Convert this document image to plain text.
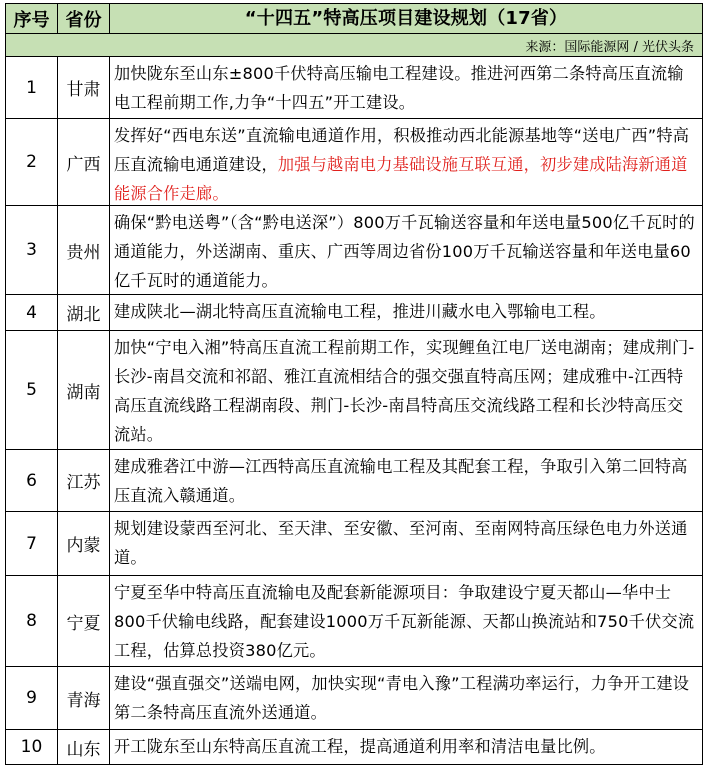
序号 省份	“十四五”特高压项目建设规划（17省）
来源：国际能源网 / 光伏头条
1	甘肃
加快陇东至山东±800千伏特高压输电工程建设。推进河西第二条特高压直流输电工程前期工作,力争“十四五”开工建设。
2	广西
发挥好“西电东送”直流输电通道作用，积极推动西北能源基地等“送电广西”特高压直流输电通道建设，加强与越南电力基础设施互联互通，初步建成陆海新通道能源合作走廊。
3	贵州
确保“黔电送粤”（含“黔电送深”）800万千瓦输送容量和年送电量500亿千瓦时的通道能力，外送湖南、重庆、广西等周边省份100万千瓦输送容量和年送电量60亿千瓦时的通道能力。
4	湖北 建成陕北—湖北特高压直流输电工程，推进川藏水电入鄂输电工程。
5	湖南
加快“宁电入湘”特高压直流工程前期工作，实现鲤鱼江电厂送电湖南；建成荆门-长沙-南昌交流和祁韶、雅江直流相结合的强交强直特高压网；建成雅中-江西特高压直流线路工程湖南段、荆门-长沙-南昌特高压交流线路工程和长沙特高压交流站。
6	江苏
建成雅砻江中游—江西特高压直流输电工程及其配套工程，争取引入第二回特高压直流入赣通道。
7	内蒙
规划建设蒙西至河北、至天津、至安徽、至河南、至南网特高压绿色电力外送通道。
8	宁夏
宁夏至华中特高压直流输电及配套新能源项目：争取建设宁夏天都山—华中士800千伏输电线路，配套建设1000万千瓦新能源、天都山换流站和750千伏交流工程，估算总投资380亿元。
9	青海
建设“强直强交”送端电网，加快实现“青电入豫”工程满功率运行，力争开工建设第二条特高压直流外送通道。
10	山东 开工陇东至山东特高压直流工程，提高通道利用率和清洁电量比例。
